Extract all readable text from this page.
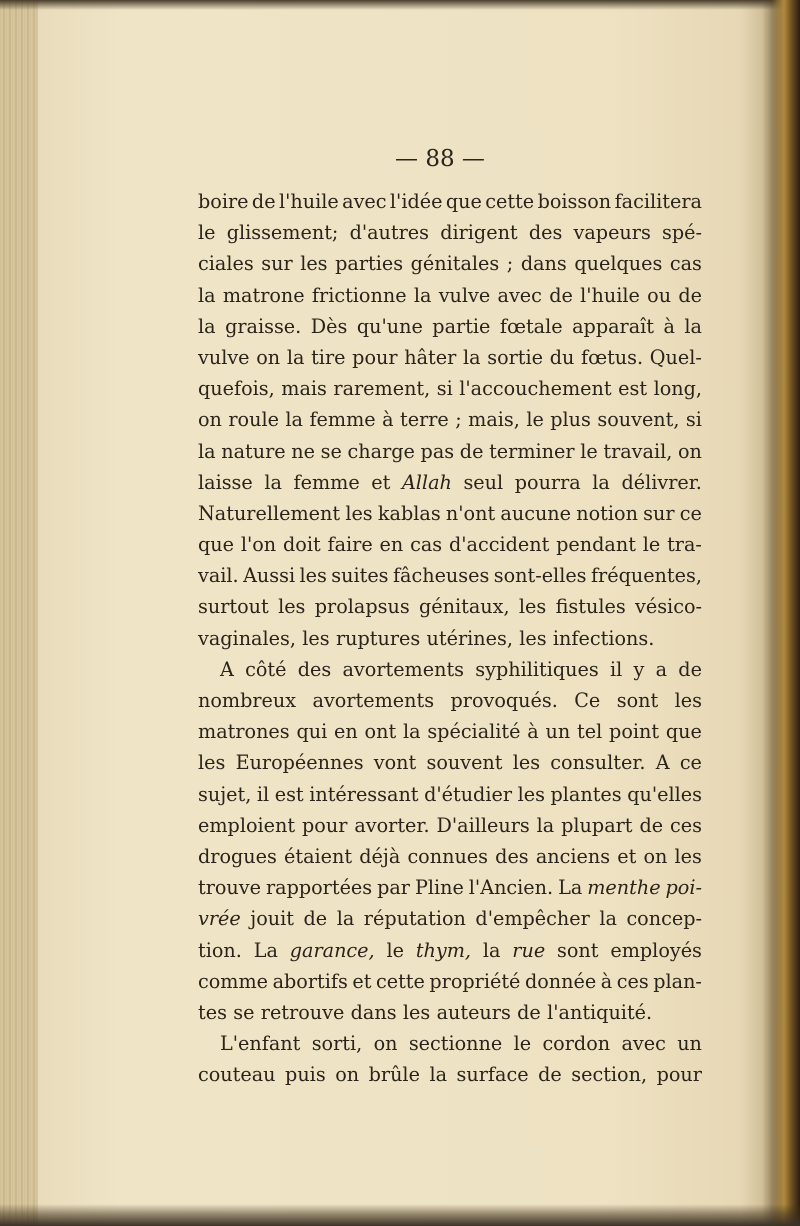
— 88 —
boire de l'huile avec l'idée que cette boisson facilitera
le glissement; d'autres dirigent des vapeurs spé-
ciales sur les parties génitales ; dans quelques cas
la matrone frictionne la vulve avec de l'huile ou de
la graisse. Dès qu'une partie fœtale apparaît à la
vulve on la tire pour hâter la sortie du fœtus. Quel-
quefois, mais rarement, si l'accouchement est long,
on roule la femme à terre ; mais, le plus souvent, si
la nature ne se charge pas de terminer le travail, on
laisse la femme et Allah seul pourra la délivrer.
Naturellement les kablas n'ont aucune notion sur ce
que l'on doit faire en cas d'accident pendant le tra-
vail. Aussi les suites fâcheuses sont-elles fréquentes,
surtout les prolapsus génitaux, les fistules vésico-
vaginales, les ruptures utérines, les infections.
A côté des avortements syphilitiques il y a de
nombreux avortements provoqués. Ce sont les
matrones qui en ont la spécialité à un tel point que
les Européennes vont souvent les consulter. A ce
sujet, il est intéressant d'étudier les plantes qu'elles
emploient pour avorter. D'ailleurs la plupart de ces
drogues étaient déjà connues des anciens et on les
trouve rapportées par Pline l'Ancien. La menthe poi-
vrée jouit de la réputation d'empêcher la concep-
tion. La garance, le thym, la rue sont employés
comme abortifs et cette propriété donnée à ces plan-
tes se retrouve dans les auteurs de l'antiquité.
L'enfant sorti, on sectionne le cordon avec un
couteau puis on brûle la surface de section, pour
